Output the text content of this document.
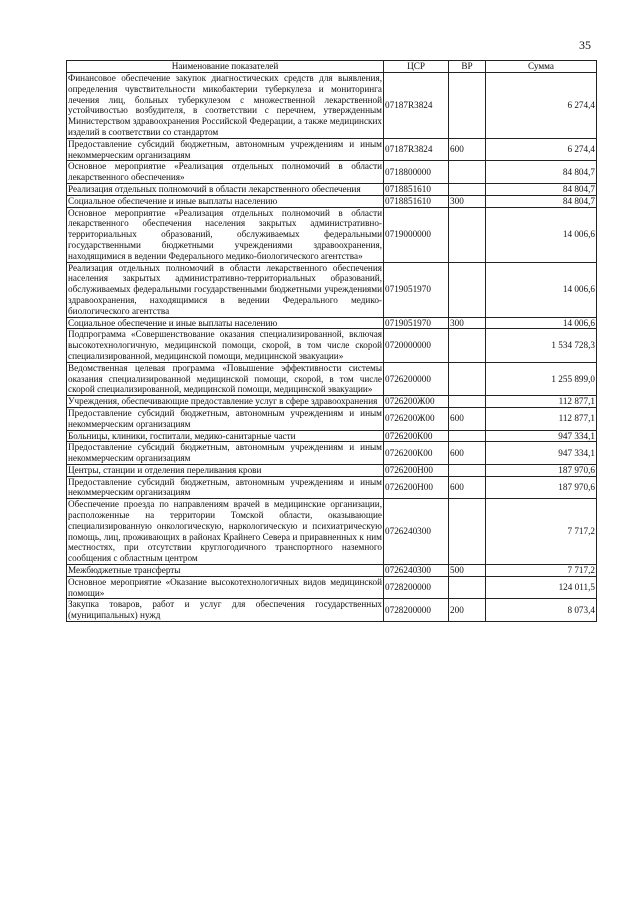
35
Наименование показателей	ЦСР	ВР	Сумма
Финансовое обеспечение закупок диагностических средств для выявления, определения чувствительности микобактерии туберкулеза и мониторинга лечения лиц, больных туберкулезом с множественной лекарственной устойчивостью возбудителя, в соответствии с перечнем, утвержденным Министерством здравоохранения Российской Федерации, а также медицинских изделий в соответствии со стандартом	07187R3824		6 274,4
Предоставление субсидий бюджетным, автономным учреждениям и иным некоммерческим организациям	07187R3824	600	6 274,4
Основное мероприятие «Реализация отдельных полномочий в области лекарственного обеспечения»	0718800000		84 804,7
Реализация отдельных полномочий в области лекарственного обеспечения	0718851610		84 804,7
Социальное обеспечение и иные выплаты населению	0718851610	300	84 804,7
Основное мероприятие «Реализация отдельных полномочий в области лекарственного обеспечения населения закрытых административно-территориальных образований, обслуживаемых федеральными государственными бюджетными учреждениями здравоохранения, находящимися в ведении Федерального медико-биологического агентства»	0719000000		14 006,6
Реализация отдельных полномочий в области лекарственного обеспечения населения закрытых административно-территориальных образований, обслуживаемых федеральными государственными бюджетными учреждениями здравоохранения, находящимися в ведении Федерального медико-биологического агентства	0719051970		14 006,6
Социальное обеспечение и иные выплаты населению	0719051970	300	14 006,6
Подпрограмма «Совершенствование оказания специализированной, включая высокотехнологичную, медицинской помощи, скорой, в том числе скорой специализированной, медицинской помощи, медицинской эвакуации»	0720000000		1 534 728,3
Ведомственная целевая программа «Повышение эффективности системы оказания специализированной медицинской помощи, скорой, в том числе скорой специализированной, медицинской помощи, медицинской эвакуации»	0726200000		1 255 899,0
Учреждения, обеспечивающие предоставление услуг в сфере здравоохранения	0726200Ж00		112 877,1
Предоставление субсидий бюджетным, автономным учреждениям и иным некоммерческим организациям	0726200Ж00	600	112 877,1
Больницы, клиники, госпитали, медико-санитарные части	0726200К00		947 334,1
Предоставление субсидий бюджетным, автономным учреждениям и иным некоммерческим организациям	0726200К00	600	947 334,1
Центры, станции и отделения переливания крови	0726200Н00		187 970,6
Предоставление субсидий бюджетным, автономным учреждениям и иным некоммерческим организациям	0726200Н00	600	187 970,6
Обеспечение проезда по направлениям врачей в медицинские организации, расположенные на территории Томской области, оказывающие специализированную онкологическую, наркологическую и психиатрическую помощь, лиц, проживающих в районах Крайнего Севера и приравненных к ним местностях, при отсутствии круглогодичного транспортного наземного сообщения с областным центром	0726240300		7 717,2
Межбюджетные трансферты	0726240300	500	7 717,2
Основное мероприятие «Оказание высокотехнологичных видов медицинской помощи»	0728200000		124 011,5
Закупка товаров, работ и услуг для обеспечения государственных (муниципальных) нужд	0728200000	200	8 073,4
